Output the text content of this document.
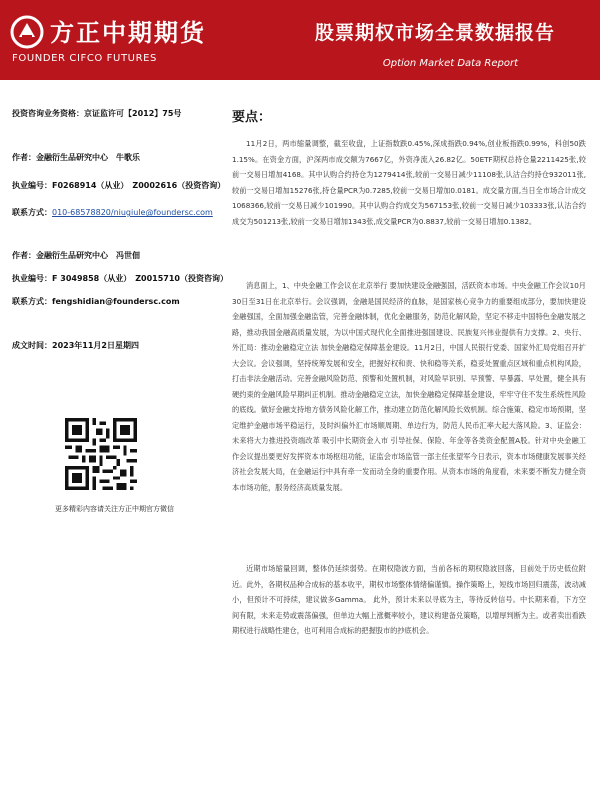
方正中期期货
FOUNDER CIFCO FUTURES
股票期权市场全景数据报告
Option Market Data Report
投资咨询业务资格：京证监许可【2012】75号
作者：金融衍生品研究中心　牛歌乐
执业编号：F0268914（从业）　Z0002616（投资咨询）
联系方式：010-68578820/niugiule@foundersc.com
作者：金融衍生品研究中心　冯世佃
执业编号：F 3049858（从业）　Z0015710（投资咨询）
联系方式：fengshidian@foundersc.com
成文时间：2023年11月2日星期四
更多精彩内容请关注方正中期官方微信
要点：

11月2日，两市缩量调整，截至收盘，上证指数跌0.45%,深成指跌0.94%,创业板指跌0.99%，科创50跌1.15%。在资金方面，沪深两市成交额为7667亿，外资净流入26.82亿。50ETF期权总持仓量2211425张,较前一交易日增加4168。其中认购合约持仓为1279414张,较前一交易日减少11108张,认沽合约持仓932011张,较前一交易日增加15276张,持仓量PCR为0.7285,较前一交易日增加0.0181。成交量方面,当日全市场合计成交1068366,较前一交易日减少101990。其中认购合约成交为567153张,较前一交易日减少103333张,认沽合约成交为501213张,较前一交易日增加1343张,成交量PCR为0.8837,较前一交易日增加0.1382。

消息面上，1、中央金融工作会议在北京举行 要加快建设金融强国，活跃资本市场。中央金融工作会议10月30日至31日在北京举行。会议强调，金融是国民经济的血脉，是国家核心竞争力的重要组成部分，要加快建设金融强国，全面加强金融监管，完善金融体制，优化金融服务，防范化解风险，坚定不移走中国特色金融发展之路，推动我国金融高质量发展，为以中国式现代化全面推进强国建设、民族复兴伟业提供有力支撑。2、央行、外汇局：推动金融稳定立法 加快金融稳定保障基金建设。11月2日，中国人民银行党委、国家外汇局党组召开扩大会议。会议强调，坚持统筹发展和安全，把握好权和责、快和稳等关系，稳妥处置重点区域和重点机构风险，打击非法金融活动。完善金融风险防范、预警和处置机制，对风险早识别、早预警、早暴露、早处置，健全具有硬约束的金融风险早期纠正机制。推动金融稳定立法，加快金融稳定保障基金建设，牢牢守住不发生系统性风险的底线。做好金融支持地方债务风险化解工作，推动建立防范化解风险长效机制。综合施策、稳定市场预期，坚定维护金融市场平稳运行，及时纠偏外汇市场顺周期、单边行为，防范人民币汇率大起大落风险。3、证监会：未来将大力推进投资端改革 吸引中长期资金入市 引导社保、保险、年金等各类资金配置A股。针对中央金融工作会议提出要更好发挥资本市场枢纽功能，证监会市场监管一部主任张望军今日表示，资本市场健康发展事关经济社会发展大局，在金融运行中具有牵一发而动全身的重要作用。从资本市场的角度看，未来要不断发力健全资本市场功能，服务经济高质量发展。

近期市场缩量回调，整体仍延续弱势。在期权隐波方面，当前各标的期权隐波回落，目前处于历史低位附近。此外，各期权品种合成标的基本收平，期权市场整体情绪偏谨慎。操作策略上，短线市场回归震荡，波动减小，但预计不可持续，建议做多Gamma。 此外，预计未来以寻底为主，等待反转信号。中长期来看，下方空间有限，未来走势或震荡偏强，但单边大幅上涨概率较小，建议构建备兑策略，以增厚判断为主。或者卖出看跌期权进行战略性建仓，也可利用合成标的把握股市的抄底机会。
